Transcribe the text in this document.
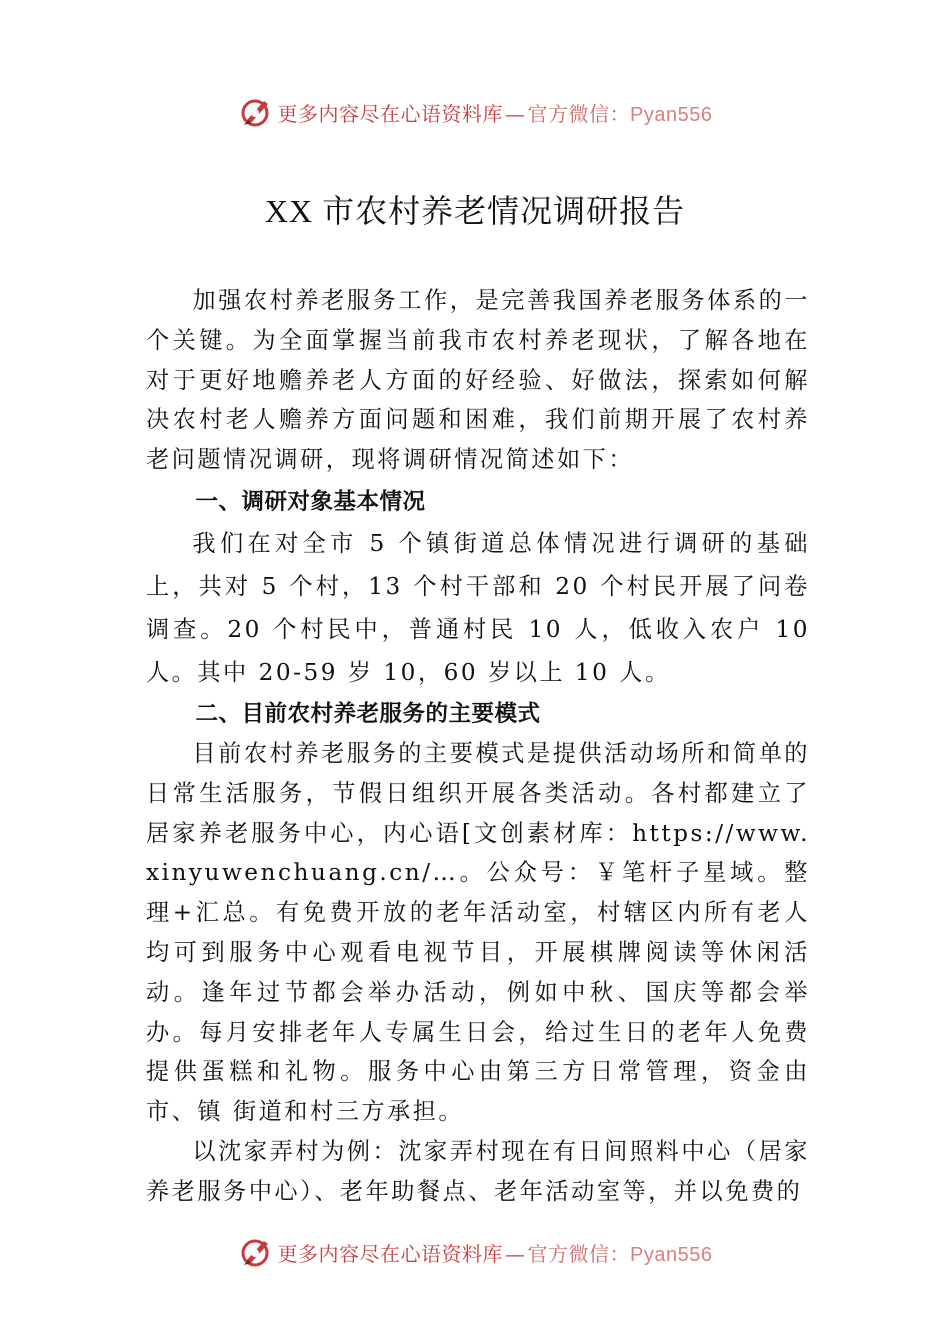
更多内容尽在心语资料库 — 官方微信：Pyan556
XX 市农村养老情况调研报告

加强农村养老服务工作，是完善我国养老服务体系的一个关键。为全面掌握当前我市农村养老现状，了解各地在对于更好地赡养老人方面的好经验、好做法，探索如何解决农村老人赡养方面问题和困难，我们前期开展了农村养老问题情况调研，现将调研情况简述如下：

一、调研对象基本情况

我们在对全市 5 个镇街道总体情况进行调研的基础上，共对 5 个村，13 个村干部和 20 个村民开展了问卷调查。20 个村民中，普通村民 10 人，低收入农户 10 人。其中 20-59 岁 10，60 岁以上 10 人。

二、目前农村养老服务的主要模式

目前农村养老服务的主要模式是提供活动场所和简单的日常生活服务，节假日组织开展各类活动。各村都建立了居家养老服务中心，内心语[文创素材库：https://www.xinyuwenchuang.cn/…。公众号：￥笔杆子星域。整理+汇总。有免费开放的老年活动室，村辖区内所有老人均可到服务中心观看电视节目，开展棋牌阅读等休闲活动。逢年过节都会举办活动，例如中秋、国庆等都会举办。每月安排老年人专属生日会，给过生日的老年人免费提供蛋糕和礼物。服务中心由第三方日常管理，资金由市、镇 街道和村三方承担。

以沈家弄村为例：沈家弄村现在有日间照料中心（居家养老服务中心）、老年助餐点、老年活动室等，并以免费的

更多内容尽在心语资料库 — 官方微信：Pyan556
